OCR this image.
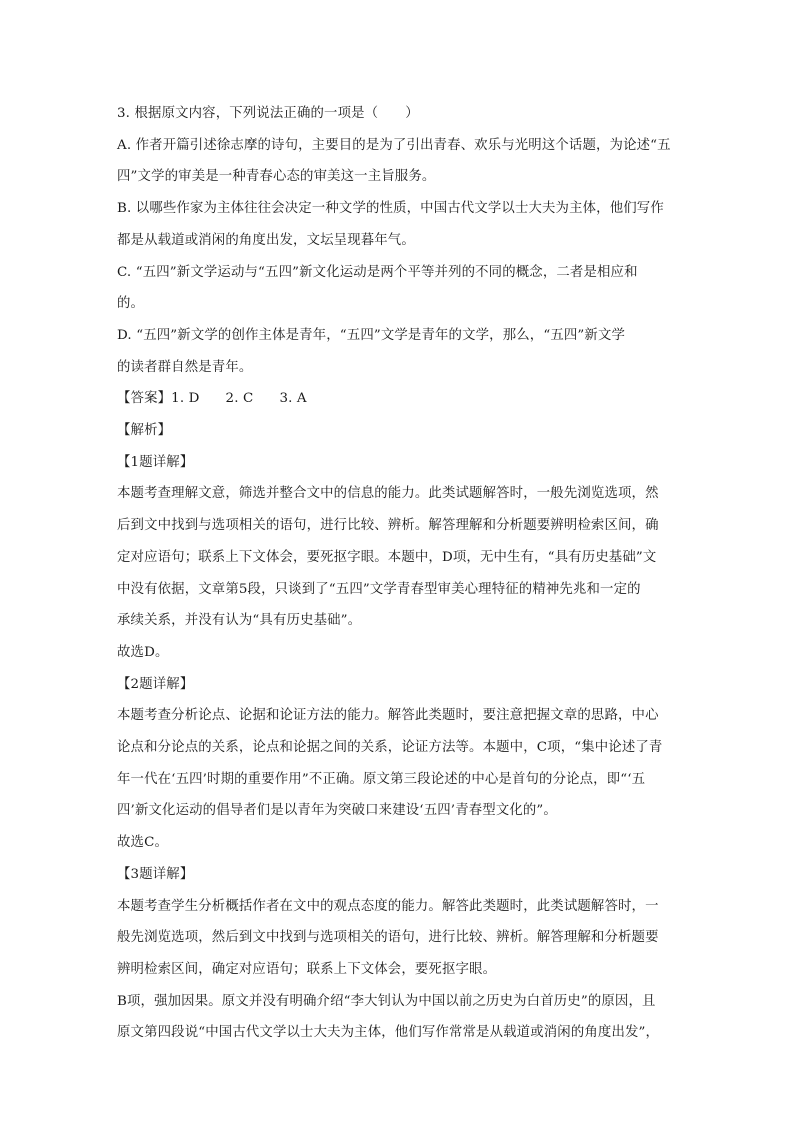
3. 根据原文内容，下列说法正确的一项是（　　）
A. 作者开篇引述徐志摩的诗句，主要目的是为了引出青春、欢乐与光明这个话题，为论述“五
四”文学的审美是一种青春心态的审美这一主旨服务。
B. 以哪些作家为主体往往会决定一种文学的性质，中国古代文学以士大夫为主体，他们写作
都是从载道或消闲的角度出发，文坛呈现暮年气。
C. “五四”新文学运动与“五四”新文化运动是两个平等并列的不同的概念，二者是相应和
的。
D. “五四”新文学的创作主体是青年，“五四”文学是青年的文学，那么，“五四”新文学
的读者群自然是青年。
【答案】1. D 2. C 3. A
【解析】
【1题详解】
本题考查理解文意，筛选并整合文中的信息的能力。此类试题解答时，一般先浏览选项，然
后到文中找到与选项相关的语句，进行比较、辨析。解答理解和分析题要辨明检索区间，确
定对应语句；联系上下文体会，要死抠字眼。本题中，D项，无中生有，“具有历史基础”文
中没有依据，文章第5段，只谈到了“五四”文学青春型审美心理特征的精神先兆和一定的
承续关系，并没有认为“具有历史基础”。
故选D。
【2题详解】
本题考查分析论点、论据和论证方法的能力。解答此类题时，要注意把握文章的思路，中心
论点和分论点的关系，论点和论据之间的关系，论证方法等。本题中，C项，“集中论述了青
年一代在‘五四’时期的重要作用”不正确。原文第三段论述的中心是首句的分论点，即“‘五
四’新文化运动的倡导者们是以青年为突破口来建设‘五四’青春型文化的”。
故选C。
【3题详解】
本题考查学生分析概括作者在文中的观点态度的能力。解答此类题时，此类试题解答时，一
般先浏览选项，然后到文中找到与选项相关的语句，进行比较、辨析。解答理解和分析题要
辨明检索区间，确定对应语句；联系上下文体会，要死抠字眼。
B项，强加因果。原文并没有明确介绍“李大钊认为中国以前之历史为白首历史”的原因，且
原文第四段说“中国古代文学以士大夫为主体，他们写作常常是从载道或消闲的角度出发”，
